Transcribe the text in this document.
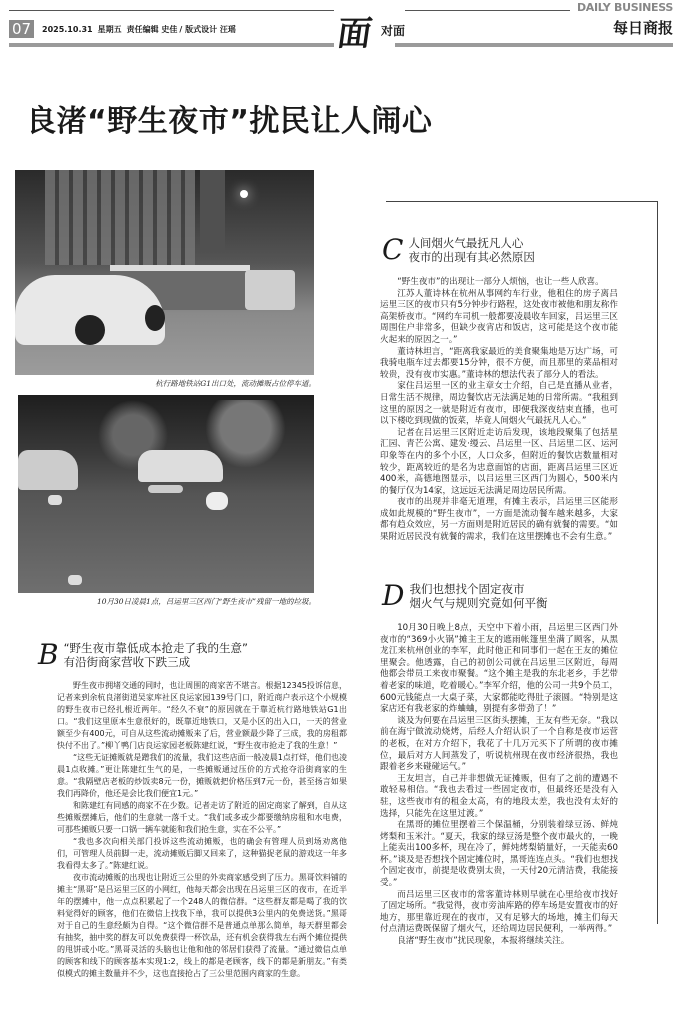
07	2025.10.31 星期五 责任编辑 史佳 / 版式设计 汪瑶	面 对面
DAILY BUSINESS
每日商报
良渚“野生夜市”扰民让人闹心
杭行路地铁站G1出口处，流动摊贩占位停车道。
10月30日凌晨1点，吕运里三区西门“野生夜市”残留一地的垃圾。
B “野生夜市靠低成本抢走了我的生意”
有沿街商家营收下跌三成

野生夜市拥堵交通的同时，也让周围的商家苦不堪言。根据12345投诉信息，记者来到余杭良渚街道吴家库社区良运家园139号门口，附近商户表示这个小规模的野生夜市已经扎根近两年。“经久不衰”的原因就在于靠近杭行路地铁站G1出口。“我们这里原本生意很好的，既靠近地铁口，又是小区的出入口，一天的营业额至少有400元，可自从这些流动摊贩来了后，营业额最少降了三成，我的房租都快付不出了。”柳丫鸭门店良运家园老板陈建红说，“野生夜市抢走了我的生意！”

“这些无证摊贩就是蹭我们的流量，我们这些店面一般凌晨1点打烊，他们也凌晨1点收摊。”更让陈建红生气的是，一些摊贩通过压价的方式抢夺沿街商家的生意。“我隔壁店老板的炒饭卖8元一份，摊贩就把价格压到7元一份，甚至扬言如果我们再降价，他还是会比我们便宜1元。”

和陈建红有同感的商家不在少数。记者走访了附近的固定商家了解到，自从这些摊贩摆摊后，他们的生意就一落千丈。“我们或多或少都要缴纳房租和水电费，可那些摊贩只要一口锅一辆车就能和我们抢生意，实在不公平。”

“我也多次向相关部门投诉这些流动摊贩，也的确会有管理人员到场劝离他们，可管理人员前脚一走，流动摊贩后脚又回来了，这种猫捉老鼠的游戏这一年多我看得太多了。”陈建红说。

夜市流动摊贩的出现也让附近三公里的外卖商家感受到了压力。黑哥饮料铺的摊主“黑哥”是吕运里三区的小网红，他每天都会出现在吕运里三区的夜市，在近半年的摆摊中，他一点点积累起了一个248人的微信群。“这些群友都是喝了我的饮料觉得好的顾客，他们在微信上找我下单，我可以提供3公里内的免费送货。”黑哥对于自己的生意经颇为自得。“这个微信群不是普通点单那么简单，每天群里都会有抽奖，抽中奖的群友可以免费获得一杯饮品，还有机会获得我左右两个摊位提供的甩饼或小吃。”黑哥灵活的头脑也让他和他的邻居们获得了流量。“通过微信点单的顾客和线下的顾客基本实现1:2，线上的都是老顾客，线下的都是新朋友。”有类似模式的摊主数量并不少，这也直接抢占了三公里范围内商家的生意。

C 人间烟火气最抚凡人心
夜市的出现有其必然原因

“野生夜市”的出现让一部分人烦恼，也让一些人欣喜。

江苏人董诗林在杭州从事网约车行业，他租住的房子离吕运里三区的夜市只有5分钟步行路程，这处夜市被他和朋友称作高架桥夜市。“网约车司机一般都要凌晨收车回家，吕运里三区周围住户非常多，但缺少夜宵店和饭店，这可能是这个夜市能火起来的原因之一。”

董诗林坦言，“距离我家最近的美食聚集地是万达广场，可我骑电瓶车过去都要15分钟，很不方便，而且那里的菜品相对较贵，没有夜市实惠。”董诗林的想法代表了部分人的看法。

家住吕运里一区的业主章女士介绍，自己是直播从业者，日常生活不规律，周边餐饮店无法满足她的日常所需。“我租到这里的原因之一就是附近有夜市，即便我深夜结束直播，也可以下楼吃到现做的饭菜，毕竟人间烟火气最抚凡人心。”

记者在吕运里三区附近走访后发现，该地段聚集了包括星汇园、青芒公寓、建发·缦云、吕运里一区、吕运里二区、运河印象等在内的多个小区，人口众多，但附近的餐饮店数量相对较少，距离较近的是名为忠意面馆的店面，距离吕运里三区近400米，高德地图显示，以吕运里三区西门为圆心，500米内的餐厅仅为14家，这远远无法满足周边居民所需。

夜市的出现并非毫无道理，有摊主表示，吕运里三区能形成如此规模的“野生夜市”，一方面是流动餐车越来越多，大家都有趋众效应，另一方面则是附近居民的确有就餐的需要。“如果附近居民没有就餐的需求，我们在这里摆摊也不会有生意。”

D 我们也想找个固定夜市
烟火气与规则究竟如何平衡

10月30日晚上8点，天空中下着小雨，吕运里三区西门外夜市的“369小火锅”摊主王友的遮雨帐篷里坐满了顾客，从黑龙江来杭州创业的李军，此时他正和同事们一起在王友的摊位里聚会。他透露，自己的初创公司就在吕运里三区附近，每周他都会带员工来夜市聚餐。“这个摊主是我的东北老乡，手艺带着老家的味道，吃着暖心。”李军介绍，他的公司一共9个员工，600元钱能点一大桌子菜，大家都能吃得肚子滚圆。“特别是这家店还有我老家的炸蛐蛐，别提有多带劲了！”

谈及为何要在吕运里三区街头摆摊，王友有些无奈。“我以前在海宁做流动烧烤，后经人介绍认识了一个自称是夜市运营的老板，在对方介绍下，我花了十几万元买下了所谓的夜市摊位，最后对方人间蒸发了，听说杭州现在夜市经济很热，我也跟着老乡来碰碰运气。”

王友坦言，自己并非想做无证摊贩，但有了之前的遭遇不敢轻易相信。“我也去看过一些固定夜市，但最终还是没有入驻，这些夜市有的租金太高，有的地段太差，我也没有太好的选择，只能先在这里过渡。”

在黑哥的摊位里摆着三个保温桶，分别装着绿豆汤、鲜炖烤梨和玉米汁。“夏天，我家的绿豆汤是整个夜市最火的，一晚上能卖出100多杯，现在冷了，鲜炖烤梨销量好，一天能卖60杯。”谈及是否想找个固定摊位时，黑哥连连点头。“我们也想找个固定夜市，前提是收费别太贵，一天付20元清洁费，我能接受。”

而吕运里三区夜市的常客董诗林则早就在心里给夜市找好了固定场所。“我觉得，夜市旁油库路的停车场是安置夜市的好地方，那里靠近现在的夜市，又有足够大的场地，摊主们每天付点清运费既保留了烟火气，还给周边居民便利，一举两得。”

良渚“野生夜市”扰民现象，本报将继续关注。
